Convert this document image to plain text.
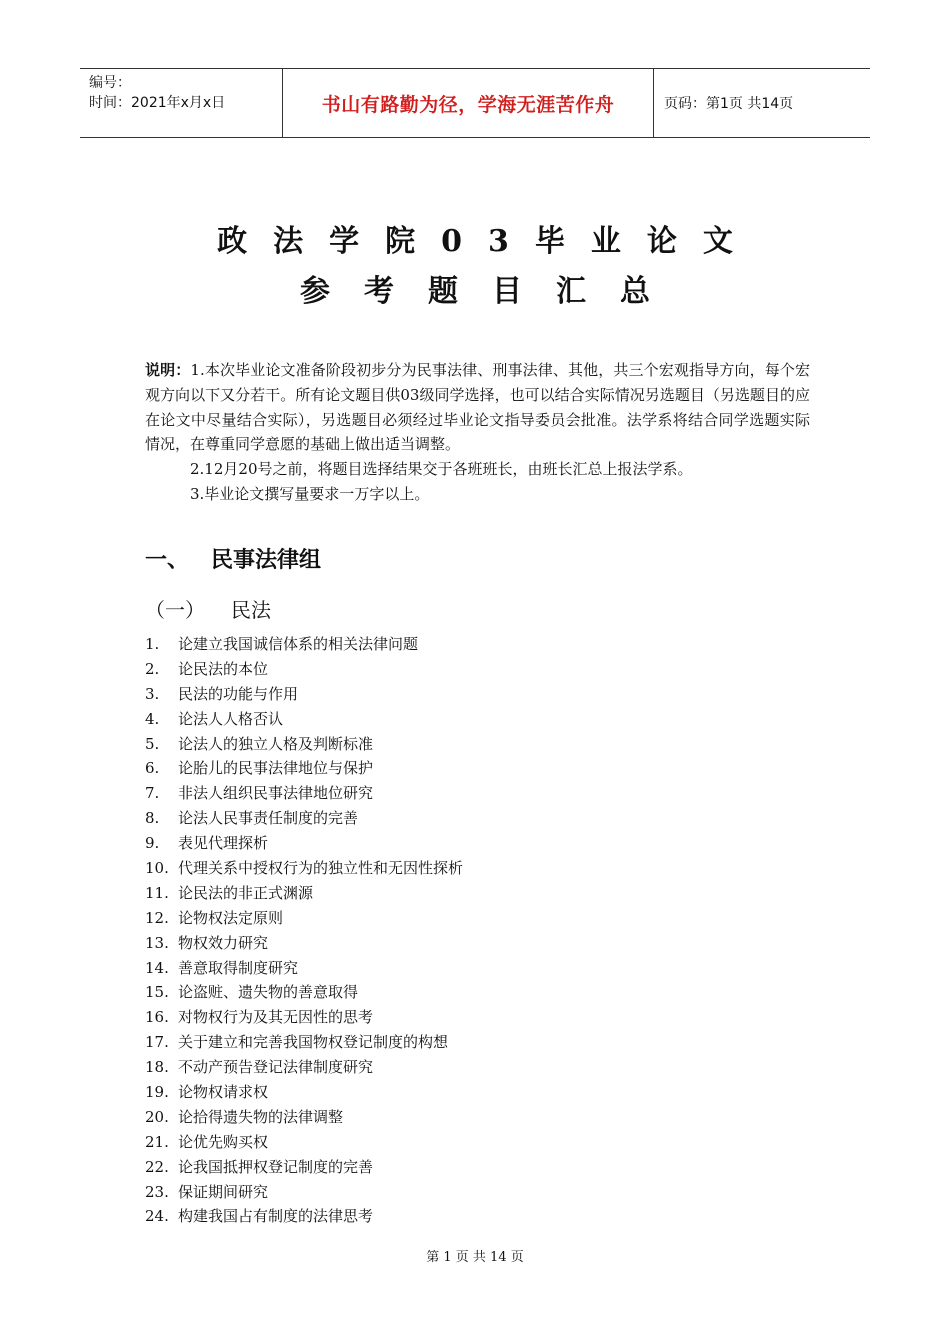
编号：
时间：2021年x月x日	书山有路勤为径，学海无涯苦作舟	页码：第1页 共14页
政法学院03毕业论文
参考题目汇总
说明：1.本次毕业论文准备阶段初步分为民事法律、刑事法律、其他，共三个宏观指导方向，每个宏观方向以下又分若干。所有论文题目供03级同学选择，也可以结合实际情况另选题目（另选题目的应在论文中尽量结合实际），另选题目必须经过毕业论文指导委员会批准。法学系将结合同学选题实际情况，在尊重同学意愿的基础上做出适当调整。
2.12月20号之前，将题目选择结果交于各班班长，由班长汇总上报法学系。
3.毕业论文撰写量要求一万字以上。
一、 民事法律组
（一） 民法
1. 论建立我国诚信体系的相关法律问题
2. 论民法的本位
3. 民法的功能与作用
4. 论法人人格否认
5. 论法人的独立人格及判断标准
6. 论胎儿的民事法律地位与保护
7. 非法人组织民事法律地位研究
8. 论法人民事责任制度的完善
9. 表见代理探析
10. 代理关系中授权行为的独立性和无因性探析
11. 论民法的非正式渊源
12. 论物权法定原则
13. 物权效力研究
14. 善意取得制度研究
15. 论盗赃、遗失物的善意取得
16. 对物权行为及其无因性的思考
17. 关于建立和完善我国物权登记制度的构想
18. 不动产预告登记法律制度研究
19. 论物权请求权
20. 论拾得遗失物的法律调整
21. 论优先购买权
22. 论我国抵押权登记制度的完善
23. 保证期间研究
24. 构建我国占有制度的法律思考
第 1 页 共 14 页
